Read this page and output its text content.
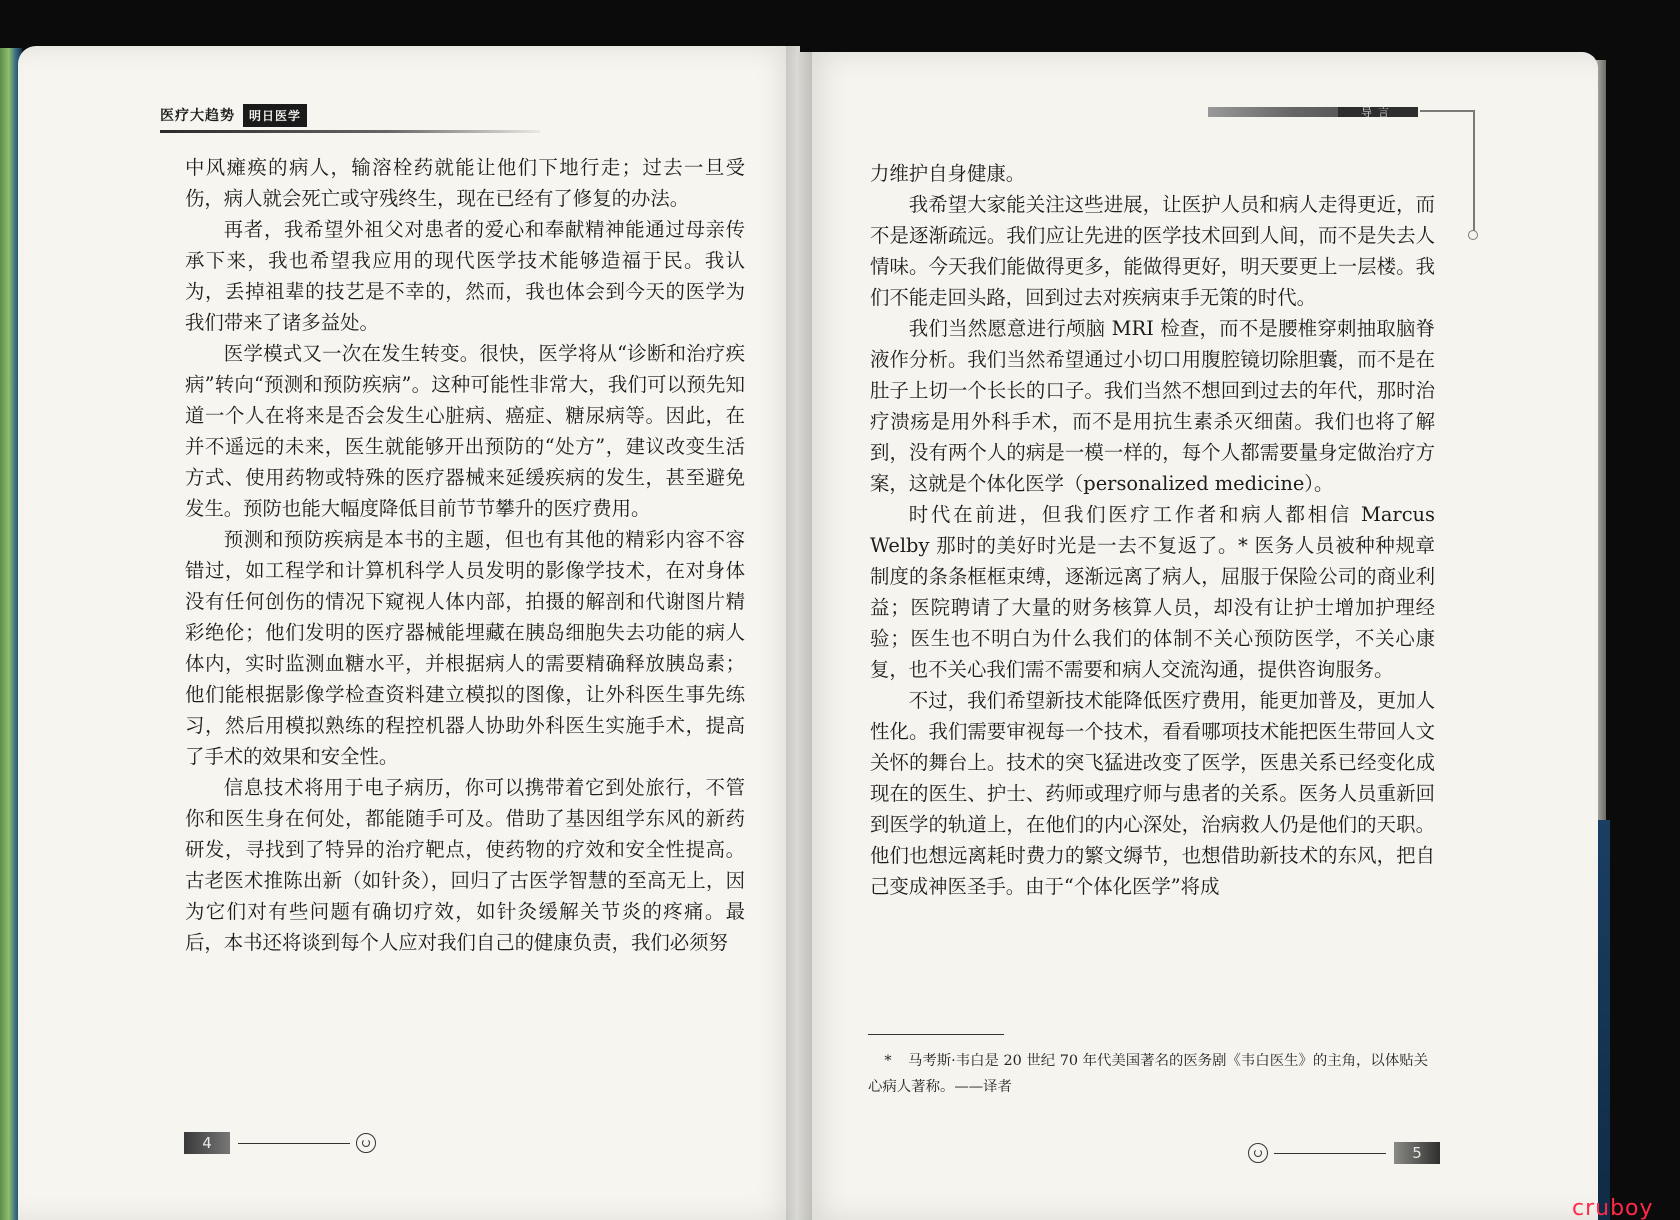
医疗大趋势	明日医学	导言

中风瘫痪的病人，输溶栓药就能让他们下地行走；过去一旦受伤，病人就会死亡或守残终生，现在已经有了修复的办法。

再者，我希望外祖父对患者的爱心和奉献精神能通过母亲传承下来，我也希望我应用的现代医学技术能够造福于民。我认为，丢掉祖辈的技艺是不幸的，然而，我也体会到今天的医学为我们带来了诸多益处。

医学模式又一次在发生转变。很快，医学将从“诊断和治疗疾病”转向“预测和预防疾病”。这种可能性非常大，我们可以预先知道一个人在将来是否会发生心脏病、癌症、糖尿病等。因此，在并不遥远的未来，医生就能够开出预防的“处方”，建议改变生活方式、使用药物或特殊的医疗器械来延缓疾病的发生，甚至避免发生。预防也能大幅度降低目前节节攀升的医疗费用。

预测和预防疾病是本书的主题，但也有其他的精彩内容不容错过，如工程学和计算机科学人员发明的影像学技术，在对身体没有任何创伤的情况下窥视人体内部，拍摄的解剖和代谢图片精彩绝伦；他们发明的医疗器械能埋藏在胰岛细胞失去功能的病人体内，实时监测血糖水平，并根据病人的需要精确释放胰岛素；他们能根据影像学检查资料建立模拟的图像，让外科医生事先练习，然后用模拟熟练的程控机器人协助外科医生实施手术，提高了手术的效果和安全性。

信息技术将用于电子病历，你可以携带着它到处旅行，不管你和医生身在何处，都能随手可及。借助了基因组学东风的新药研发，寻找到了特异的治疗靶点，使药物的疗效和安全性提高。古老医术推陈出新（如针灸），回归了古医学智慧的至高无上，因为它们对有些问题有确切疗效，如针灸缓解关节炎的疼痛。最后，本书还将谈到每个人应对我们自己的健康负责，我们必须努

力维护自身健康。

我希望大家能关注这些进展，让医护人员和病人走得更近，而不是逐渐疏远。我们应让先进的医学技术回到人间，而不是失去人情味。今天我们能做得更多，能做得更好，明天要更上一层楼。我们不能走回头路，回到过去对疾病束手无策的时代。

我们当然愿意进行颅脑 MRI 检查，而不是腰椎穿刺抽取脑脊液作分析。我们当然希望通过小切口用腹腔镜切除胆囊，而不是在肚子上切一个长长的口子。我们当然不想回到过去的年代，那时治疗溃疡是用外科手术，而不是用抗生素杀灭细菌。我们也将了解到，没有两个人的病是一模一样的，每个人都需要量身定做治疗方案，这就是个体化医学（personalized medicine）。

时代在前进，但我们医疗工作者和病人都相信 Marcus Welby 那时的美好时光是一去不复返了。* 医务人员被种种规章制度的条条框框束缚，逐渐远离了病人，屈服于保险公司的商业利益；医院聘请了大量的财务核算人员，却没有让护士增加护理经验；医生也不明白为什么我们的体制不关心预防医学，不关心康复，也不关心我们需不需要和病人交流沟通，提供咨询服务。

不过，我们希望新技术能降低医疗费用，能更加普及，更加人性化。我们需要审视每一个技术，看看哪项技术能把医生带回人文关怀的舞台上。技术的突飞猛进改变了医学，医患关系已经变化成现在的医生、护士、药师或理疗师与患者的关系。医务人员重新回到医学的轨道上，在他们的内心深处，治病救人仍是他们的天职。他们也想远离耗时费力的繁文缛节，也想借助新技术的东风，把自己变成神医圣手。由于“个体化医学”将成

* 马考斯·韦白是 20 世纪 70 年代美国著名的医务剧《韦白医生》的主角，以体贴关心病人著称。——译者
4
5
cruboy
